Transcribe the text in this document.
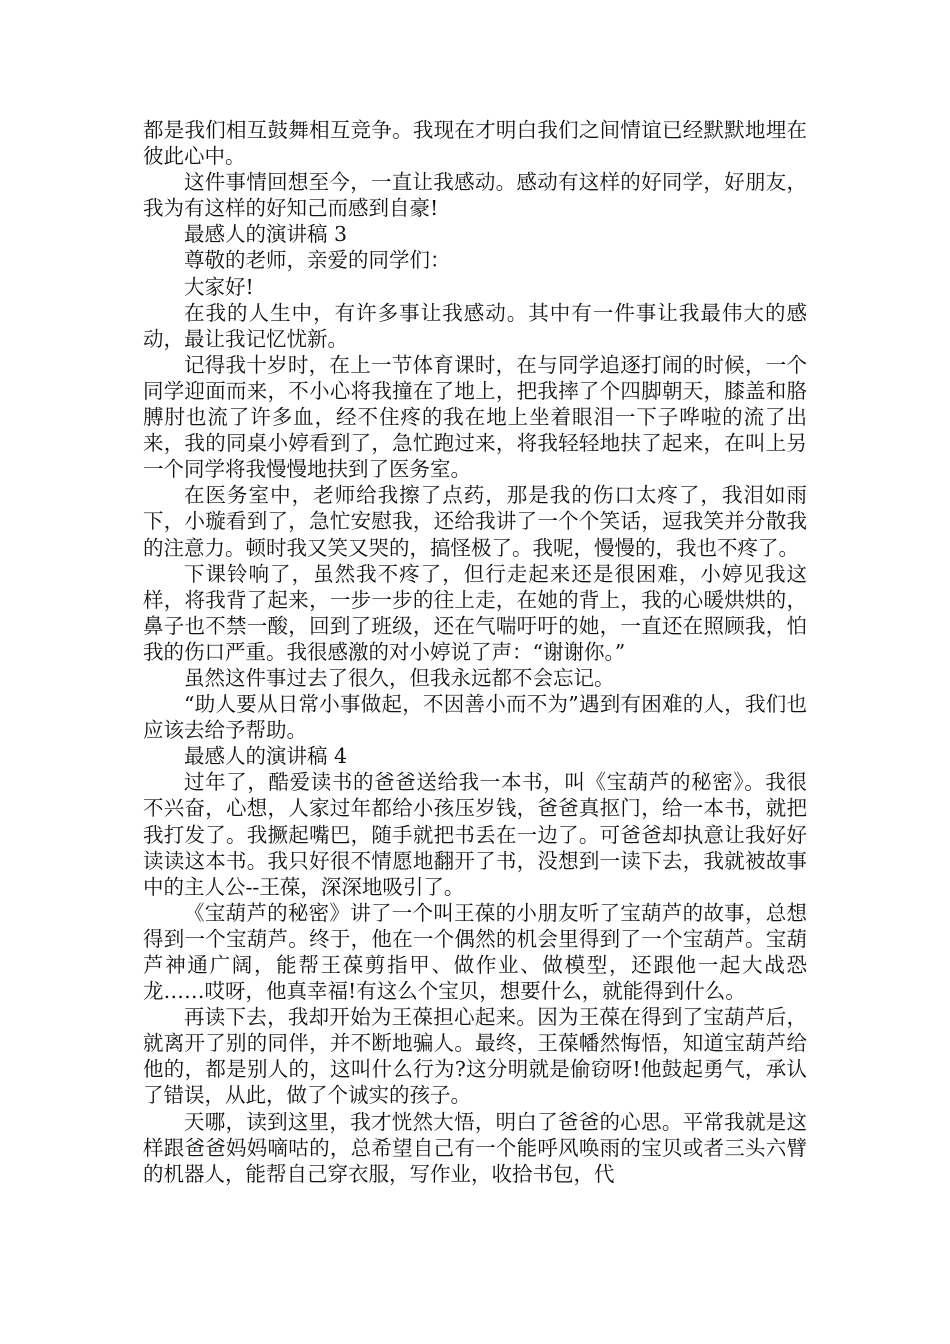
都是我们相互鼓舞相互竞争。我现在才明白我们之间情谊已经默默地埋在彼此心中。

这件事情回想至今，一直让我感动。感动有这样的好同学，好朋友，我为有这样的好知己而感到自豪!

最感人的演讲稿 3

尊敬的老师，亲爱的同学们：

大家好!

在我的人生中，有许多事让我感动。其中有一件事让我最伟大的感动，最让我记忆忧新。

记得我十岁时，在上一节体育课时，在与同学追逐打闹的时候，一个同学迎面而来，不小心将我撞在了地上，把我摔了个四脚朝天，膝盖和胳膊肘也流了许多血，经不住疼的我在地上坐着眼泪一下子哗啦的流了出来，我的同桌小婷看到了，急忙跑过来，将我轻轻地扶了起来，在叫上另一个同学将我慢慢地扶到了医务室。

在医务室中，老师给我擦了点药，那是我的伤口太疼了，我泪如雨下，小璇看到了，急忙安慰我，还给我讲了一个个笑话，逗我笑并分散我的注意力。顿时我又笑又哭的，搞怪极了。我呢，慢慢的，我也不疼了。

下课铃响了，虽然我不疼了，但行走起来还是很困难，小婷见我这样，将我背了起来，一步一步的往上走，在她的背上，我的心暖烘烘的，鼻子也不禁一酸，回到了班级，还在气喘吁吁的她，一直还在照顾我，怕我的伤口严重。我很感激的对小婷说了声：“谢谢你。”

虽然这件事过去了很久，但我永远都不会忘记。

“助人要从日常小事做起，不因善小而不为”遇到有困难的人，我们也应该去给予帮助。

最感人的演讲稿 4

过年了，酷爱读书的爸爸送给我一本书，叫《宝葫芦的秘密》。我很不兴奋，心想，人家过年都给小孩压岁钱，爸爸真抠门，给一本书，就把我打发了。我撅起嘴巴，随手就把书丢在一边了。可爸爸却执意让我好好读读这本书。我只好很不情愿地翻开了书，没想到一读下去，我就被故事中的主人公--王葆，深深地吸引了。

《宝葫芦的秘密》讲了一个叫王葆的小朋友听了宝葫芦的故事，总想得到一个宝葫芦。终于，他在一个偶然的机会里得到了一个宝葫芦。宝葫芦神通广阔，能帮王葆剪指甲、做作业、做模型，还跟他一起大战恐龙……哎呀，他真幸福!有这么个宝贝，想要什么，就能得到什么。

再读下去，我却开始为王葆担心起来。因为王葆在得到了宝葫芦后，就离开了别的同伴，并不断地骗人。最终，王葆幡然悔悟，知道宝葫芦给他的，都是别人的，这叫什么行为?这分明就是偷窃呀!他鼓起勇气，承认了错误，从此，做了个诚实的孩子。

天哪，读到这里，我才恍然大悟，明白了爸爸的心思。平常我就是这样跟爸爸妈妈嘀咕的，总希望自己有一个能呼风唤雨的宝贝或者三头六臂的机器人，能帮自己穿衣服，写作业，收拾书包，代
